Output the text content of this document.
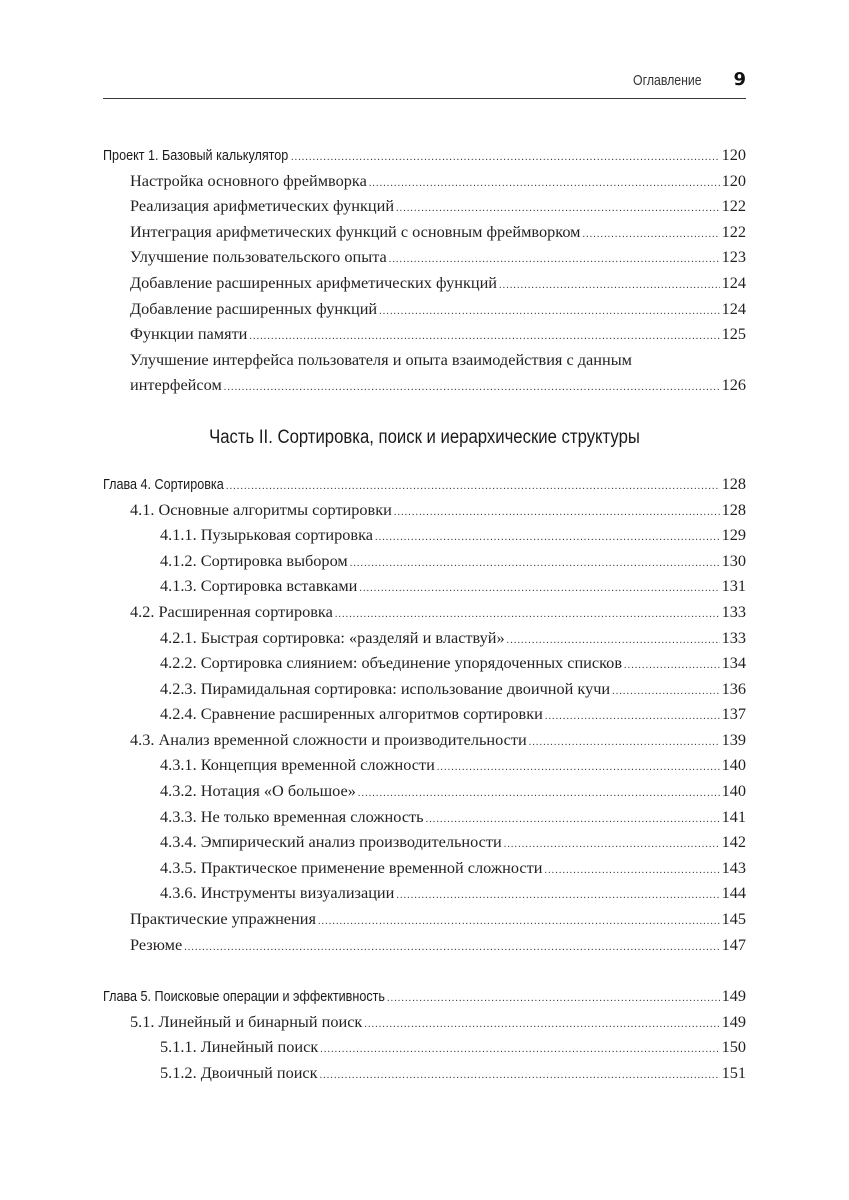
Оглавление 9
Проект 1. Базовый калькулятор .....	120
Настройка основного фреймворка .....	120
Реализация арифметических функций .....	122
Интеграция арифметических функций с основным фреймворком .....	122
Улучшение пользовательского опыта .....	123
Добавление расширенных арифметических функций .....	124
Добавление расширенных функций .....	124
Функции памяти .....	125
Улучшение интерфейса пользователя и опыта взаимодействия с данным
интерфейсом .....	126
Часть II. Сортировка, поиск и иерархические структуры
Глава 4. Сортировка .....	128
4.1. Основные алгоритмы сортировки .....	128
4.1.1. Пузырьковая сортировка .....	129
4.1.2. Сортировка выбором .....	130
4.1.3. Сортировка вставками .....	131
4.2. Расширенная сортировка .....	133
4.2.1. Быстрая сортировка: «разделяй и властвуй» .....	133
4.2.2. Сортировка слиянием: объединение упорядоченных списков .....	134
4.2.3. Пирамидальная сортировка: использование двоичной кучи .....	136
4.2.4. Сравнение расширенных алгоритмов сортировки .....	137
4.3. Анализ временной сложности и производительности .....	139
4.3.1. Концепция временной сложности .....	140
4.3.2. Нотация «О большое» .....	140
4.3.3. Не только временная сложность .....	141
4.3.4. Эмпирический анализ производительности .....	142
4.3.5. Практическое применение временной сложности .....	143
4.3.6. Инструменты визуализации .....	144
Практические упражнения .....	145
Резюме .....	147
Глава 5. Поисковые операции и эффективность .....	149
5.1. Линейный и бинарный поиск .....	149
5.1.1. Линейный поиск .....	150
5.1.2. Двоичный поиск .....	151
